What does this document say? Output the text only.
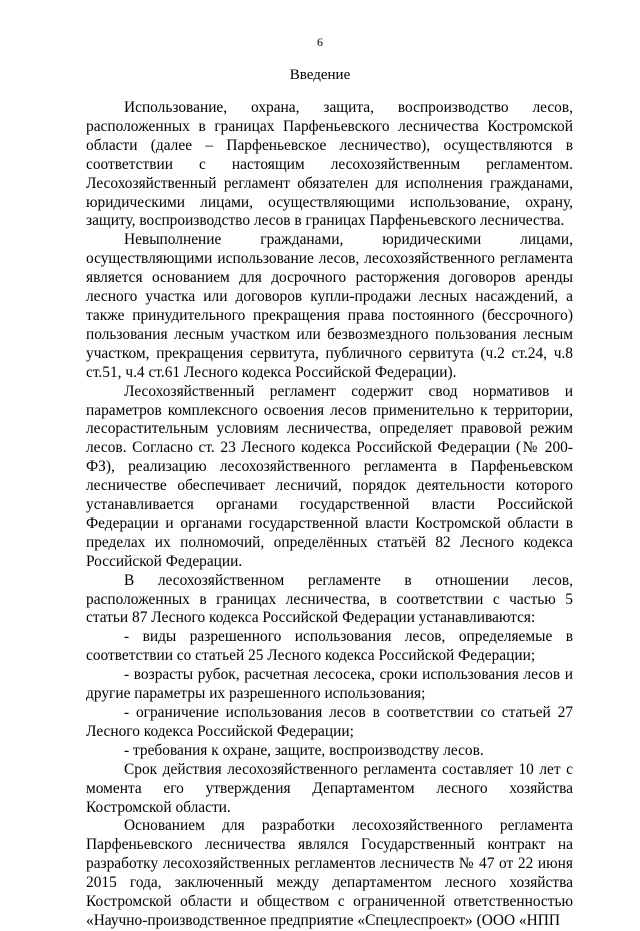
6
Введение

Использование, охрана, защита, воспроизводство лесов, расположенных в границах Парфеньевского лесничества Костромской области (далее – Парфеньевское лесничество), осуществляются в соответствии с настоящим лесохозяйственным регламентом. Лесохозяйственный регламент обязателен для исполнения гражданами, юридическими лицами, осуществляющими использование, охрану, защиту, воспроизводство лесов в границах Парфеньевского лесничества.

Невыполнение гражданами, юридическими лицами, осуществляющими использование лесов, лесохозяйственного регламента является основанием для досрочного расторжения договоров аренды лесного участка или договоров купли-продажи лесных насаждений, а также принудительного прекращения права постоянного (бессрочного) пользования лесным участком или безвозмездного пользования лесным участком, прекращения сервитута, публичного сервитута (ч.2 ст.24, ч.8 ст.51, ч.4 ст.61 Лесного кодекса Российской Федерации).

Лесохозяйственный регламент содержит свод нормативов и параметров комплексного освоения лесов применительно к территории, лесорастительным условиям лесничества, определяет правовой режим лесов. Согласно ст. 23 Лесного кодекса Российской Федерации (№ 200-ФЗ), реализацию лесохозяйственного регламента в Парфеньевском лесничестве обеспечивает лесничий, порядок деятельности которого устанавливается органами государственной власти Российской Федерации и органами государственной власти Костромской области в пределах их полномочий, определённых статьёй 82 Лесного кодекса Российской Федерации.

В лесохозяйственном регламенте в отношении лесов, расположенных в границах лесничества, в соответствии с частью 5 статьи 87 Лесного кодекса Российской Федерации устанавливаются:

- виды разрешенного использования лесов, определяемые в соответствии со статьей 25 Лесного кодекса Российской Федерации;

- возрасты рубок, расчетная лесосека, сроки использования лесов и другие параметры их разрешенного использования;

- ограничение использования лесов в соответствии со статьей 27 Лесного кодекса Российской Федерации;

- требования к охране, защите, воспроизводству лесов.

Срок действия лесохозяйственного регламента составляет 10 лет с момента его утверждения Департаментом лесного хозяйства Костромской области.

Основанием для разработки лесохозяйственного регламента Парфеньевского лесничества являлся Государственный контракт на разработку лесохозяйственных регламентов лесничеств № 47 от 22 июня 2015 года, заключенный между департаментом лесного хозяйства Костромской области и обществом с ограниченной ответственностью «Научно-производственное предприятие «Спецлеспроект» (ООО «НПП
